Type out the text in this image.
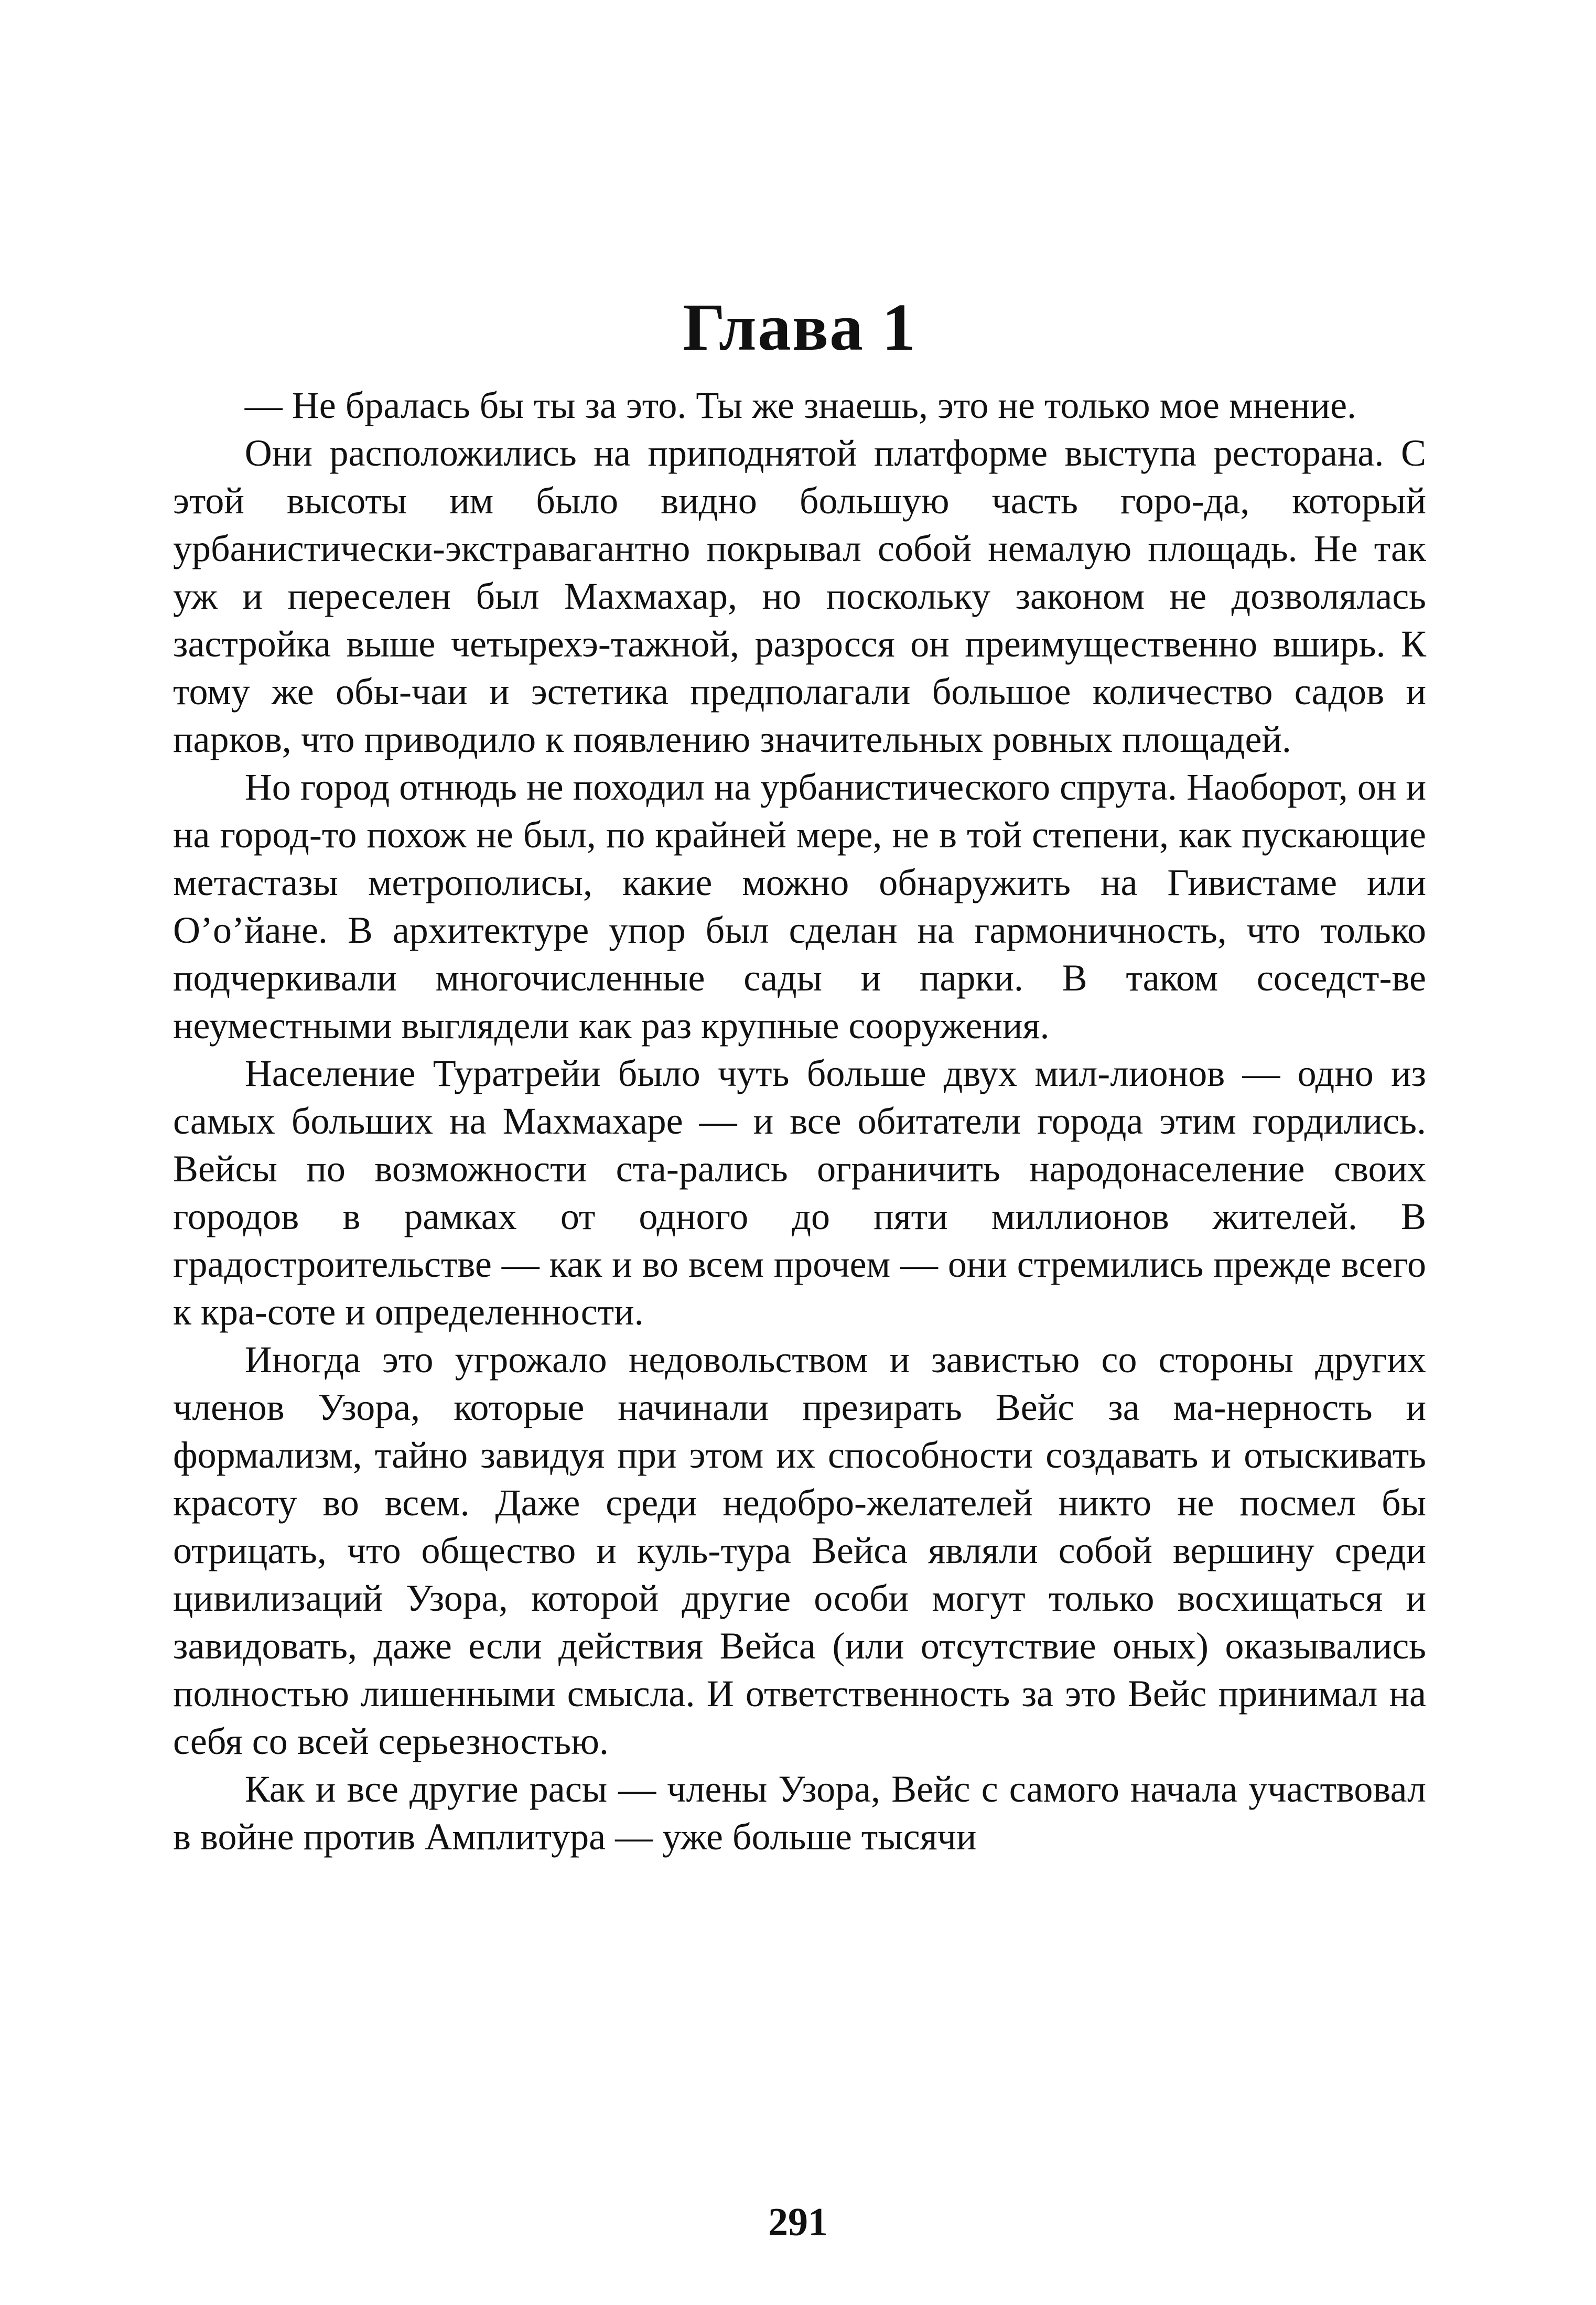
Глава 1

— Не бралась бы ты за это. Ты же знаешь, это не только мое мнение.

Они расположились на приподнятой платформе выступа ресторана. С этой высоты им было видно большую часть горо-да, который урбанистически-экстравагантно покрывал собой немалую площадь. Не так уж и переселен был Махмахар, но поскольку законом не дозволялась застройка выше четырехэ-тажной, разросся он преимущественно вширь. К тому же обы-чаи и эстетика предполагали большое количество садов и парков, что приводило к появлению значительных ровных площадей.

Но город отнюдь не походил на урбанистического спрута. Наоборот, он и на город-то похож не был, по крайней мере, не в той степени, как пускающие метастазы метрополисы, какие можно обнаружить на Гивистаме или О’о’йане. В архитектуре упор был сделан на гармоничность, что только подчеркивали многочисленные сады и парки. В таком соседст-ве неуместными выглядели как раз крупные сооружения.

Население Туратрейи было чуть больше двух мил-лионов — одно из самых больших на Махмахаре — и все обитатели города этим гордились. Вейсы по возможности ста-рались ограничить народонаселение своих городов в рамках от одного до пяти миллионов жителей. В градостроительстве — как и во всем прочем — они стремились прежде всего к кра-соте и определенности.

Иногда это угрожало недовольством и завистью со стороны других членов Узора, которые начинали презирать Вейс за ма-нерность и формализм, тайно завидуя при этом их способности создавать и отыскивать красоту во всем. Даже среди недобро-желателей никто не посмел бы отрицать, что общество и куль-тура Вейса являли собой вершину среди цивилизаций Узора, которой другие особи могут только восхищаться и завидовать, даже если действия Вейса (или отсутствие оных) оказывались полностью лишенными смысла. И ответственность за это Вейс принимал на себя со всей серьезностью.

Как и все другие расы — члены Узора, Вейс с самого начала участвовал в войне против Амплитура — уже больше тысячи

291
